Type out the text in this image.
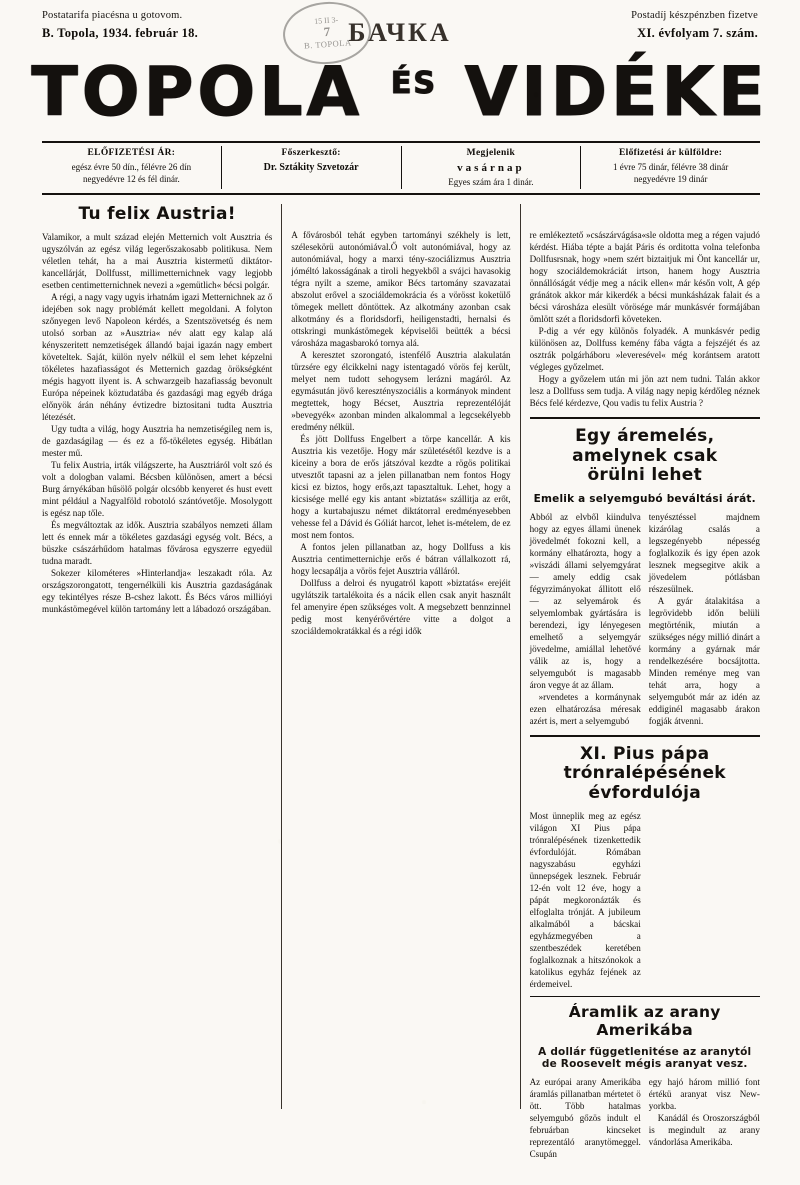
Postatarifa piacésna u gotovom.
B. Topola, 1934. február 18.	БАЧКА
15 II 3-
7
B. TOPOLA
Postadíj készpénzben fizetve
XI. évfolyam 7. szám.
TOPOLA $^{ÉS}$ VIDÉKE
ELŐFIZETÉSI ÁR:
egész évre 50 dín., félévre 26 dín
negyedévre 12 és fél dinár.
Főszerkesztő:
Dr. Sztákity Szvetozár
Megjelenik
vasárnap
Egyes szám ára 1 dinár.
Előfizetési ár külföldre:
1 évre 75 dinár, félévre 38 dinár
negyedévre 19 dinár
Tu felix Austria!

Valamikor, a mult század elején Metternich volt Ausztria és ugyszólván az egész világ legerőszakosabb politikusa. Nem véletlen tehát, ha a mai Ausztria kistermetű diktátor-kancellárját, Dollfusst, millimetternichnek vagy legjobb esetben centimetternichnek nevezi a »gemütlich« bécsi polgár.

A régi, a nagy vagy ugyis irhatnám igazi Metternichnek az ő idejében sok nagy problémát kellett megoldani. A folyton szőnyegen levő Napoleon kérdés, a Szentszövetség és nem utolsó sorban az »Ausztria« név alatt egy kalap alá kényszeritett nemzetiségek állandó bajai igazán nagy embert követeltek. Saját, külön nyelv nélkül el sem lehet képzelni tökéletes hazafiasságot és Metternich gazdag örökségként mégis hagyott ilyent is. A schwarzgeib hazafiasság bevonult Európa népeinek köztudatába és gazdasági mag egyéb drága előnyök árán néhány évtizedre biztositani tudta Ausztria létezését.

Ugy tudta a világ, hogy Ausztria ha nemzetiségileg nem is, de gazdaságilag — és ez a fő-tökéletes egység. Hibátlan mester mű.

Tu felix Austria, irták világszerte, ha Ausztriáról volt szó és volt a dologban valami. Bécsben különösen, amert a bécsi Burg árnyékában hűsölő polgár olcsóbb kenyeret és hust evett mint például a Nagyalföld robotoló szántóvetője. Mosolygott is egész nap tőle.

És megváltoztak az idők. Ausztria szabályos nemzeti állam lett és ennek már a tökéletes gazdasági egység volt. Bécs, a büszke császárhűdom hatalmas fővárosa egyszerre egyedül tudna maradt.

Sokezer kilométeres »Hinterlandja« leszakadt róla. Az országszorongatott, tengernélküli kis Ausztria gazdaságának egy tekintélyes része B-cshez lakott. És Bécs város millióyi munkástömegével külön tartomány lett a lábadozó országában.

A fővárosból tehát egyben tartományi székhely is lett, szélesekörü autonómiával.Ő volt autonómiával, hogy az autonómiával, hogy a marxi tény-szociálizmus Ausztria jóméltó lakosságának a tiroli hegyekből a svájci havasokig tégra nyilt a szeme, amikor Bécs tartomány szavazatai abszolut erővel a szociáldemokrácia és a vörösst koketülő tömegek mellett döntöttek. Az alkotmány azonban csak alkotmány és a floridsdorfi, heiligenstadti, hernalsi és ottskringi munkástömegek képviselői beütték a bécsi városháza magasbarokó tornya alá.

A keresztet szorongató, istenfélő Ausztria alakulatán türzsére egy élcikkelni nagy istentagadó vörös fej került, melyet nem tudott sehogysem lerázni magáról. Az egymásután jövő keresztényszociális a kormányok mindent megtettek, hogy Bécset, Ausztria reprezentélóját »bevegyék« azonban minden alkalommal a legcsekélyebb eredmény nélkül.

És jött Dollfuss Engelbert a törpe kancellár. A kis Ausztria kis vezetője. Hogy már születésétől kezdve is a kiceiny a bora de erős játszóval kezdte a rögös politikai utvesztőt tapasni az a jelen pillanatban nem fontos Hogy kicsi ez biztos, hogy erős,azt tapasztaltuk. Lehet, hogy a kicsisége mellé egy kis antant »biztatás« szállitja az erőt, hogy a kurtabajuszu német diktátorral eredményesebben vehesse fel a Dávid és Góliát harcot, lehet is-mételem, de ez most nem fontos.

A fontos jelen pillanatban az, hogy Dollfuss a kis Ausztria centimetternichje erős é bátran vállalkozott rá, hogy lecsapálja a vörös fejet Ausztria válláról.

Dollfuss a delroi és nyugatról kapott »biztatás« erejéit ugylátszik tartalékoita és a nácik ellen csak anyit használt fel amenyire épen szükséges volt. A megsebzett bennzinnel pedig most kenyérővértére vitte a dolgot a szociáldemokratákkal és a régi idők

re emlékeztető »császárvágása«sle oldotta meg a régen vajudó kérdést. Hiába tépte a baját Páris és orditotta volna telefonba Dollfusrsnak, hogy »nem szért biztaitjuk mi Önt kancellár ur, hogy szociáldemokráciát irtson, hanem hogy Ausztria önnállóságát védje meg a nácik ellen« már későn volt, A gép gránátok akkor már kikerdék a bécsi munkásházak falait és a bécsi városháza elesült vörösége már munkásvér formájában ömlött szét a floridsdorfi követeken.

P-dig a vér egy különös folyadék. A munkásvér pedig különösen az, Dollfuss kemény fába vágta a fejszéjét és az osztrák polgárháboru »leveresével« még korántsem aratott végleges győzelmet.

Hogy a győzelem után mi jön azt nem tudni. Talán akkor lesz a Dollfuss sem tudja. A világ nagy nepig kérdőleg néznek Bécs felé kérdezve, Qou vadis tu felix Austria ?

Egy áremelés, amelynek csak
örülni lehet
Emelik a selyemgubó beváltási árát.

Abból az elvből kiindulva hogy az egyes állami ünenek jövedelmét fokozni kell, a kormány elhatározta, hogy a »viszádi állami selyemgyárat — amely eddig csak fégyrzimányokat állitott elő — az selyemárok és selyemlombak gyártására is berendezi, igy lényegesen emelhető a selyemgyár jövedelme, amiállal lehetővé válik az is, hogy a selyemgubót is magasabb áron vegye át az állam.

»rvendetes a kormánynak ezen elhatározása méresak azért is, mert a selyemgubó

tenyésztéssel majdnem kizárólag csalás a legszegényebb népesség foglalkozik és igy épen azok lesznek megsegitve akik a jövedelem pótlásban részesülnek.

A gyár átalakitása a legrövidebb időn belüli megtörténik, miután a szükséges négy millió dinárt a kormány a gyárnak már rendelkezésére bocsájtotta. Minden reménye meg van tehát arra, hogy a selyemgubót már az idén az eddiginél magasabb árakon fogják átvenni.

XI. Pius pápa trónralépésének
évfordulója

Most ünneplik meg az egész világon XI Pius pápa trónralépésének tizenkettedik évfordulóját. Rómában nagyszabásu egyházi ünnepségek lesznek. Február 12-én volt 12 éve, hogy a pápát megkoronázták és elfoglalta trónját. A jubileum alkalmából a bácskai egyházmegyében a szentbeszédek keretében foglalkoznak a hitszónokok a katolikus egyház fejének az érdemeivel.

Áramlik az arany Amerikába
A dollár függetlenitése az aranytól de Roosevelt mégis aranyat vesz.

Az európai arany Amerikába áramlás pillanatban mértetet ö ött. Több hatalmas selyemgubó gőzös indult el februárban kincseket reprezentáló aranytömeggel. Csupán

egy hajó három millió font értékü aranyat visz New-yorkba.

Kanádál és Oroszországból is megindult az arany vándorlása Amerikába.
